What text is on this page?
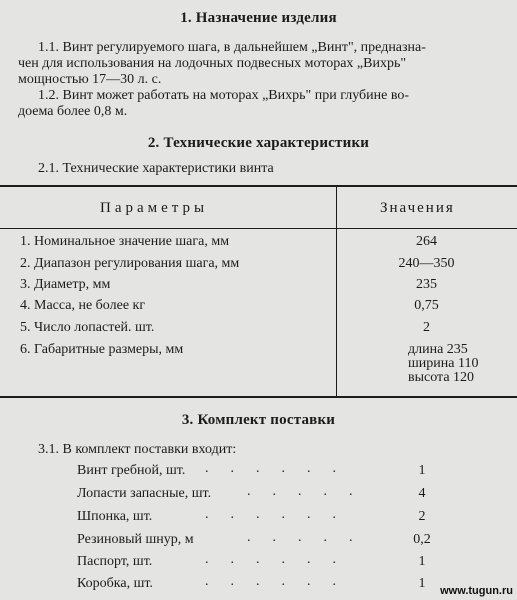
1. Назначение изделия
1.1. Винт регулируемого шага, в дальнейшем „Винт", предназна-
чен для использования на лодочных подвесных моторах „Вихрь"
мощностью 17—30 л. с.
1.2. Винт может работать на моторах „Вихрь" при глубине во-
доема более 0,8 м.
2. Технические характеристики
2.1. Технические характеристики винта
Параметры	Значения
1. Номинальное значение шага, мм	264
2. Диапазон регулирования шага, мм	240—350
3. Диаметр, мм	235
4. Масса, не более кг	0,75
5. Число лопастей. шт.	2
6. Габаритные размеры, мм	длина 235
ширина 110
высота 120
3. Комплект поставки
3.1. В комплект поставки входит:
Винт гребной, шт. ......	1
Лопасти запасные, шт.	.....	4
Шпонка, шт.	......	2
Резиновый шнур, м	.....	0,2
Паспорт, шт.	......	1
Коробка, шт.	......	1	www.tugun.ru
